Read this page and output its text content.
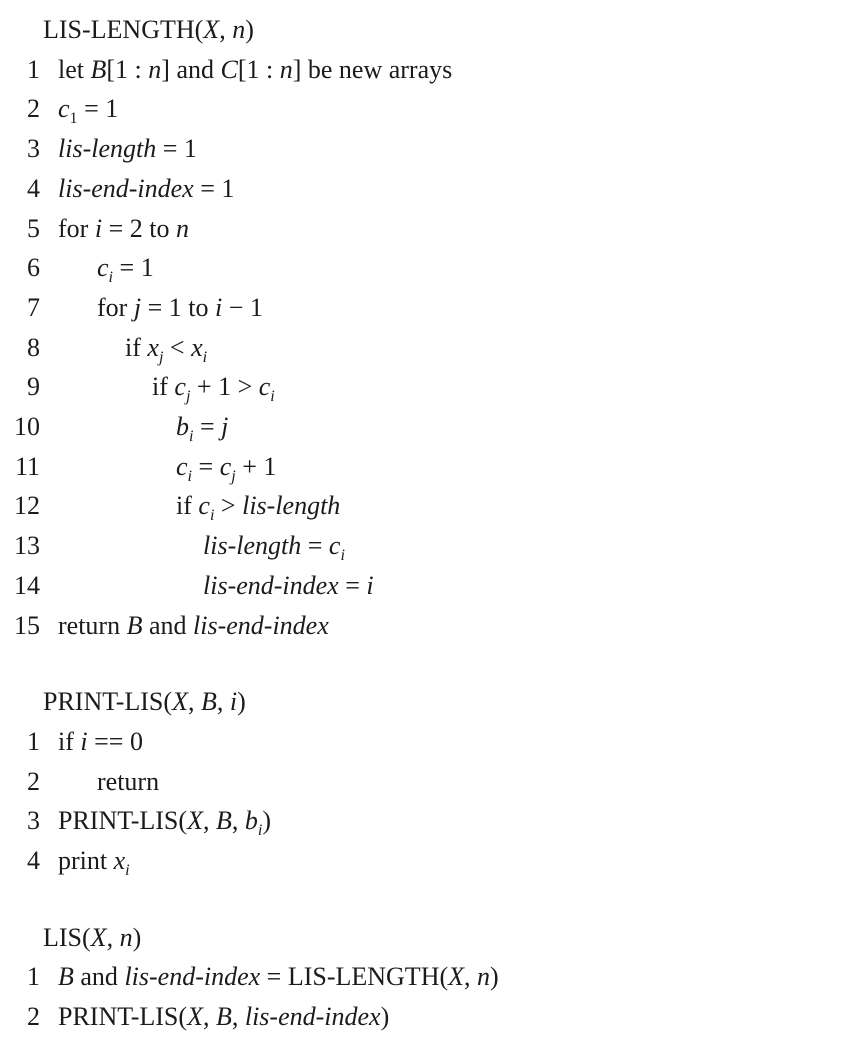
LIS-LENGTH(X, n)
1 let B[1 : n] and C[1 : n] be new arrays
2 $c_1 = 1$
3 lis-length = 1
4 lis-end-index = 1
5 for i = 2 to n
6	$c_i = 1$
7	for j = 1 to i − 1
8	if $x_j < x_i$
9	if $c_j + 1 > c_i$
10	$b_i = j$
11	$c_i = c_j + 1$
12	if $c_i$ > lis-length
13	lis-length = $c_i$
14	lis-end-index = i
15 return B and lis-end-index
PRINT-LIS(X, B, i)
1 if i == 0
2	return
3 PRINT-LIS(X, B, $b_i$)
4 print $x_i$
LIS(X, n)
1 B and lis-end-index = LIS-LENGTH(X, n)
2 PRINT-LIS(X, B, lis-end-index)
